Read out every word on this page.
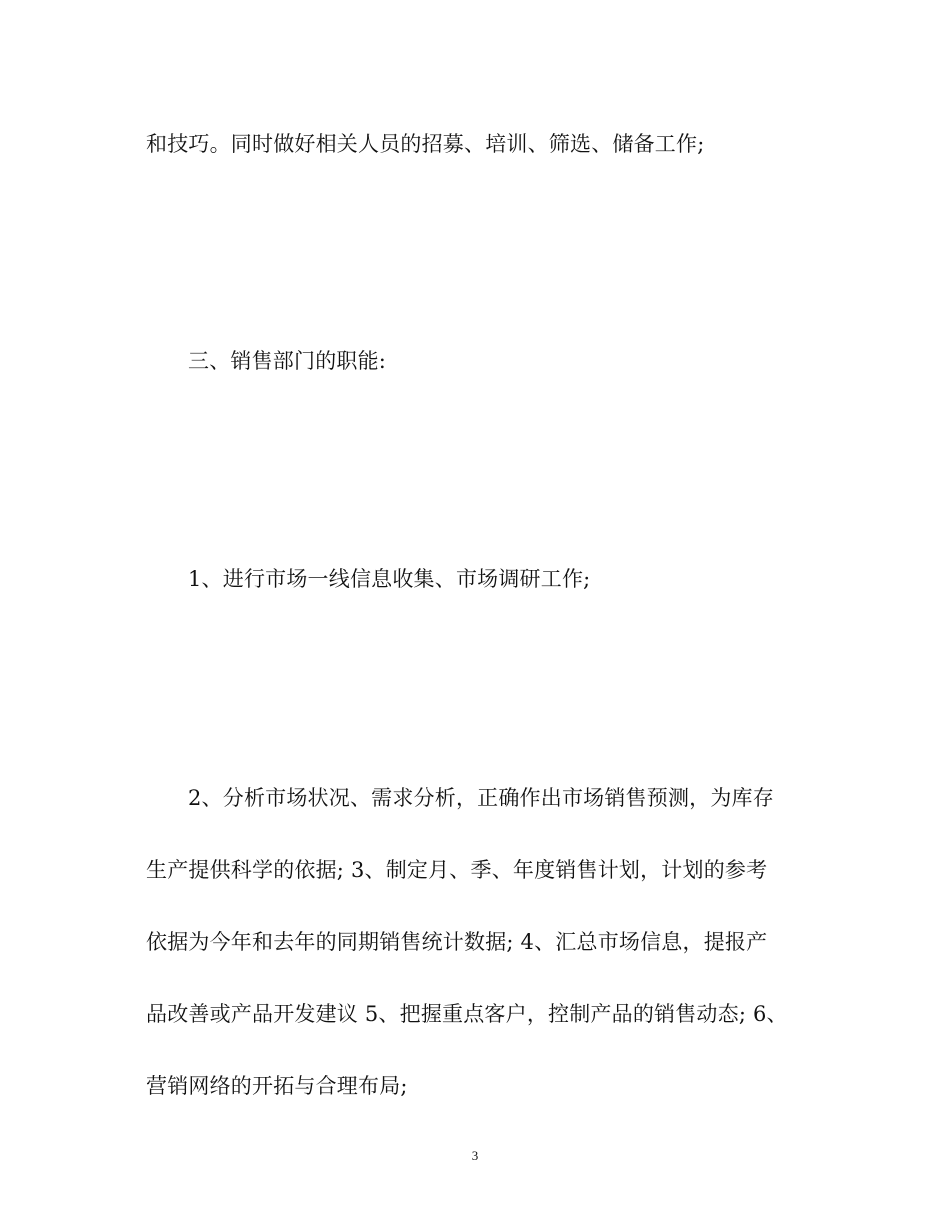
和技巧。同时做好相关人员的招募、培训、筛选、储备工作;
三、销售部门的职能:
1、进行市场一线信息收集、市场调研工作;
2、分析市场状况、需求分析，正确作出市场销售预测，为库存
生产提供科学的依据; 3、制定月、季、年度销售计划，计划的参考
依据为今年和去年的同期销售统计数据; 4、汇总市场信息，提报产
品改善或产品开发建议 5、把握重点客户，控制产品的销售动态; 6、
营销网络的开拓与合理布局;
3
